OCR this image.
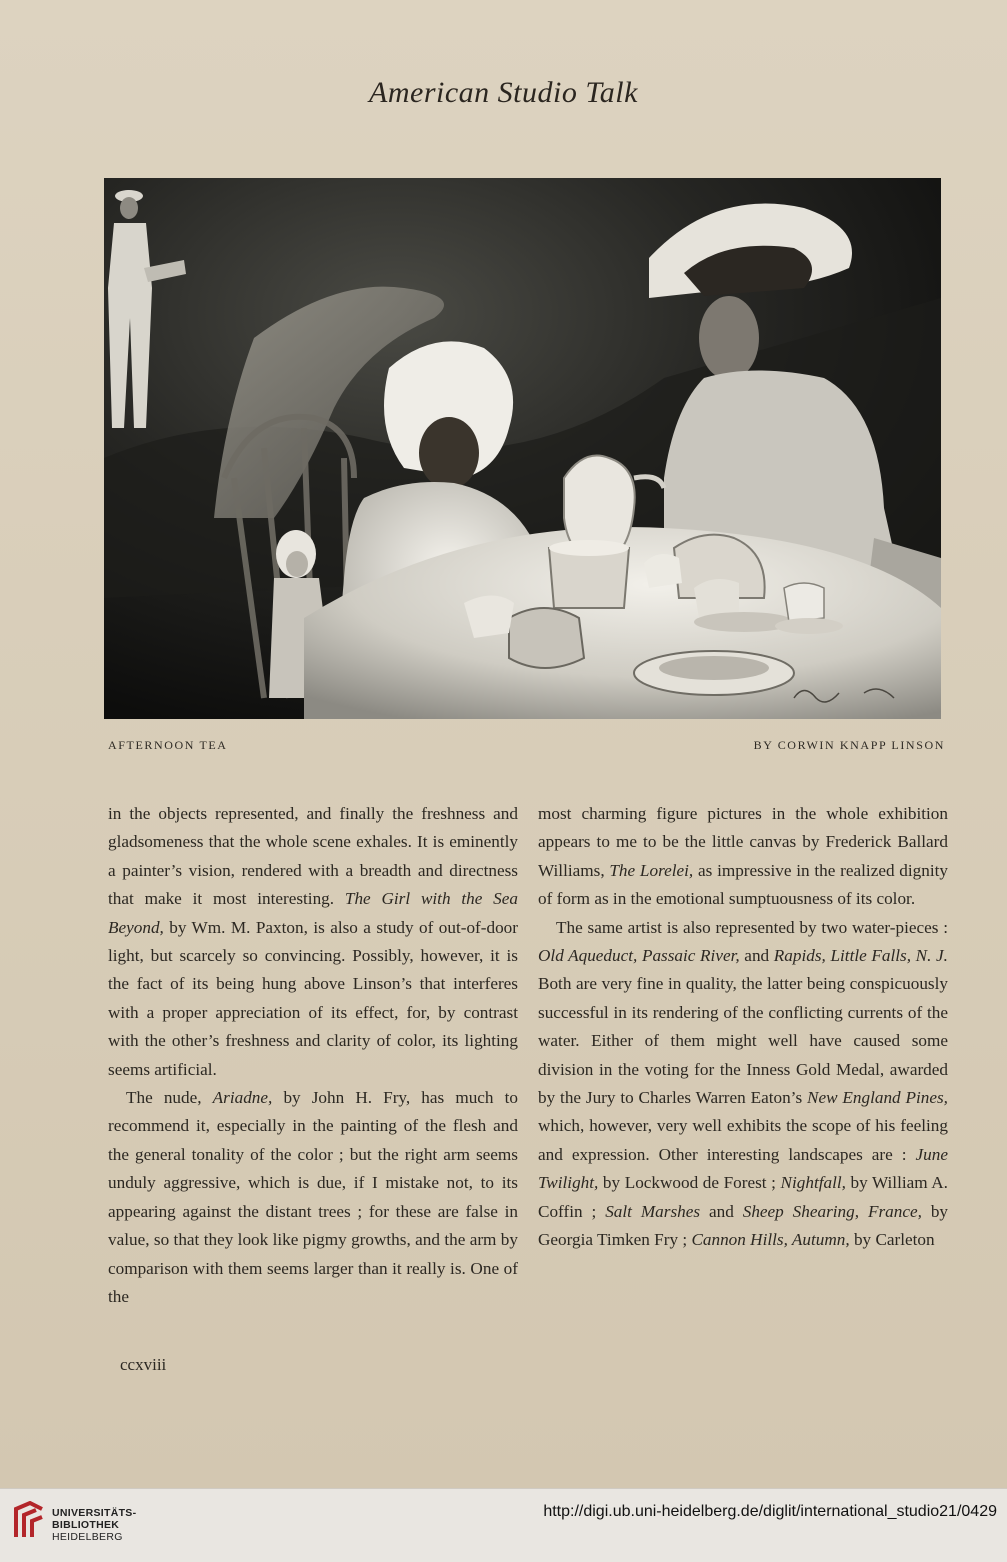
American Studio Talk
AFTERNOON TEA	BY CORWIN KNAPP LINSON

in the objects represented, and finally the freshness and gladsomeness that the whole scene exhales. It is eminently a painter’s vision, rendered with a breadth and directness that make it most interesting. The Girl with the Sea Beyond, by Wm. M. Paxton, is also a study of out-of-door light, but scarcely so convincing. Possibly, however, it is the fact of its being hung above Linson’s that interferes with a proper appreciation of its effect, for, by contrast with the other’s freshness and clarity of color, its lighting seems artificial.

The nude, Ariadne, by John H. Fry, has much to recommend it, especially in the painting of the flesh and the general tonality of the color ; but the right arm seems unduly aggressive, which is due, if I mistake not, to its appearing against the distant trees ; for these are false in value, so that they look like pigmy growths, and the arm by comparison with them seems larger than it really is. One of the

most charming figure pictures in the whole exhibition appears to me to be the little canvas by Frederick Ballard Williams, The Lorelei, as impressive in the realized dignity of form as in the emotional sumptuousness of its color.

The same artist is also represented by two water-pieces : Old Aqueduct, Passaic River, and Rapids, Little Falls, N. J. Both are very fine in quality, the latter being conspicuously successful in its rendering of the conflicting currents of the water. Either of them might well have caused some division in the voting for the Inness Gold Medal, awarded by the Jury to Charles Warren Eaton’s New England Pines, which, however, very well exhibits the scope of his feeling and expression. Other interesting landscapes are : June Twilight, by Lockwood de Forest ; Nightfall, by William A. Coffin ; Salt Marshes and Sheep Shearing, France, by Georgia Timken Fry ; Cannon Hills, Autumn, by Carleton

ccxviii
UNIVERSITÄTS-
BIBLIOTHEK
HEIDELBERG
http://digi.ub.uni-heidelberg.de/diglit/international_studio21/0429
